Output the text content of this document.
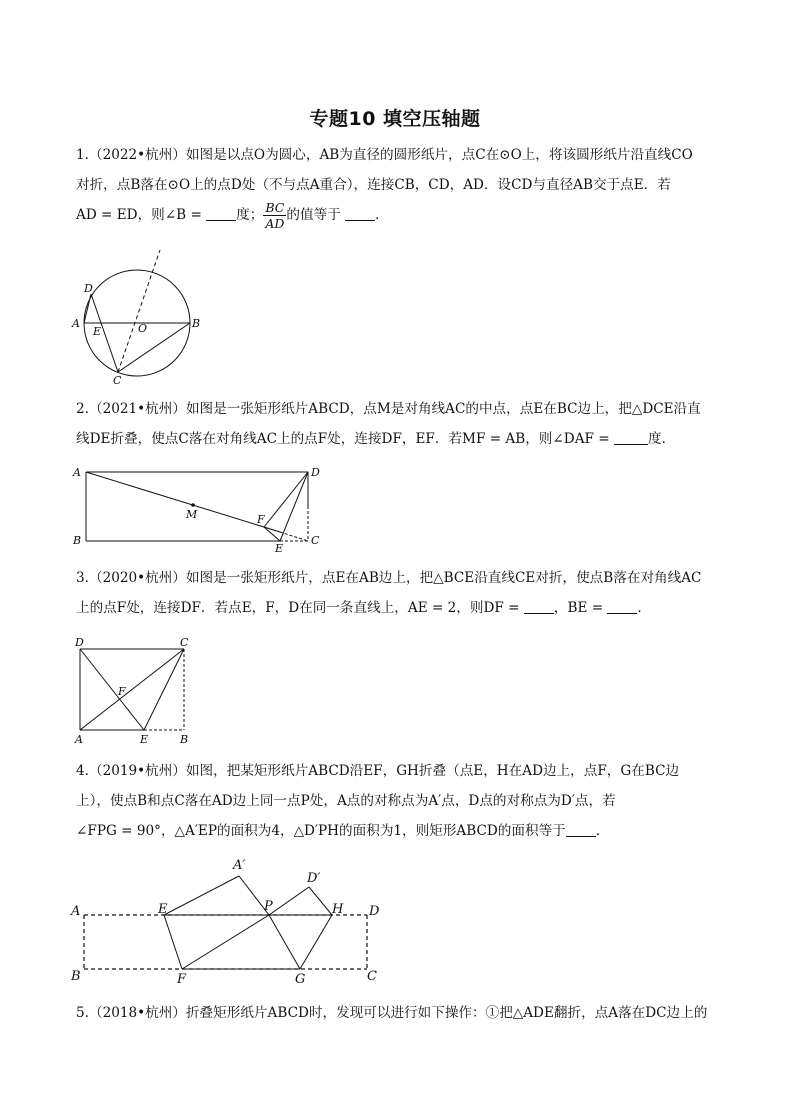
专题10 填空压轴题

1.（2022•杭州）如图是以点O为圆心，AB为直径的圆形纸片，点C在⊙O上，将该圆形纸片沿直线CO

对折，点B落在⊙O上的点D处（不与点A重合），连接CB，CD，AD．设CD与直径AB交于点E．若

AD = ED，则∠B = 度； $\frac{BC}{AD}$ 的值等于 ．

D
A
E	O	B
C

2.（2021•杭州）如图是一张矩形纸片ABCD，点M是对角线AC的中点，点E在BC边上，把△DCE沿直

线DE折叠，使点C落在对角线AC上的点F处，连接DF，EF．若MF = AB，则∠DAF =	度．

A	D
M	F
B
E
C

3.（2020•杭州）如图是一张矩形纸片，点E在AB边上，把△BCE沿直线CE对折，使点B落在对角线AC

上的点F处，连接DF．若点E，F，D在同一条直线上，AE = 2，则DF = ，BE = ．

D	C
F
A	E	B

4.（2019•杭州）如图，把某矩形纸片ABCD沿EF，GH折叠（点E，H在AD边上，点F，G在BC边

上），使点B和点C落在AD边上同一点P处，A点的对称点为A′点，D点的对称点为D′点，若

∠FPG = 90°，△A′EP的面积为4，△D′PH的面积为1，则矩形ABCD的面积等于 ．

A′
D′
A	E	P	H D
B	F	G	C

5.（2018•杭州）折叠矩形纸片ABCD时，发现可以进行如下操作：①把△ADE翻折，点A落在DC边上的
